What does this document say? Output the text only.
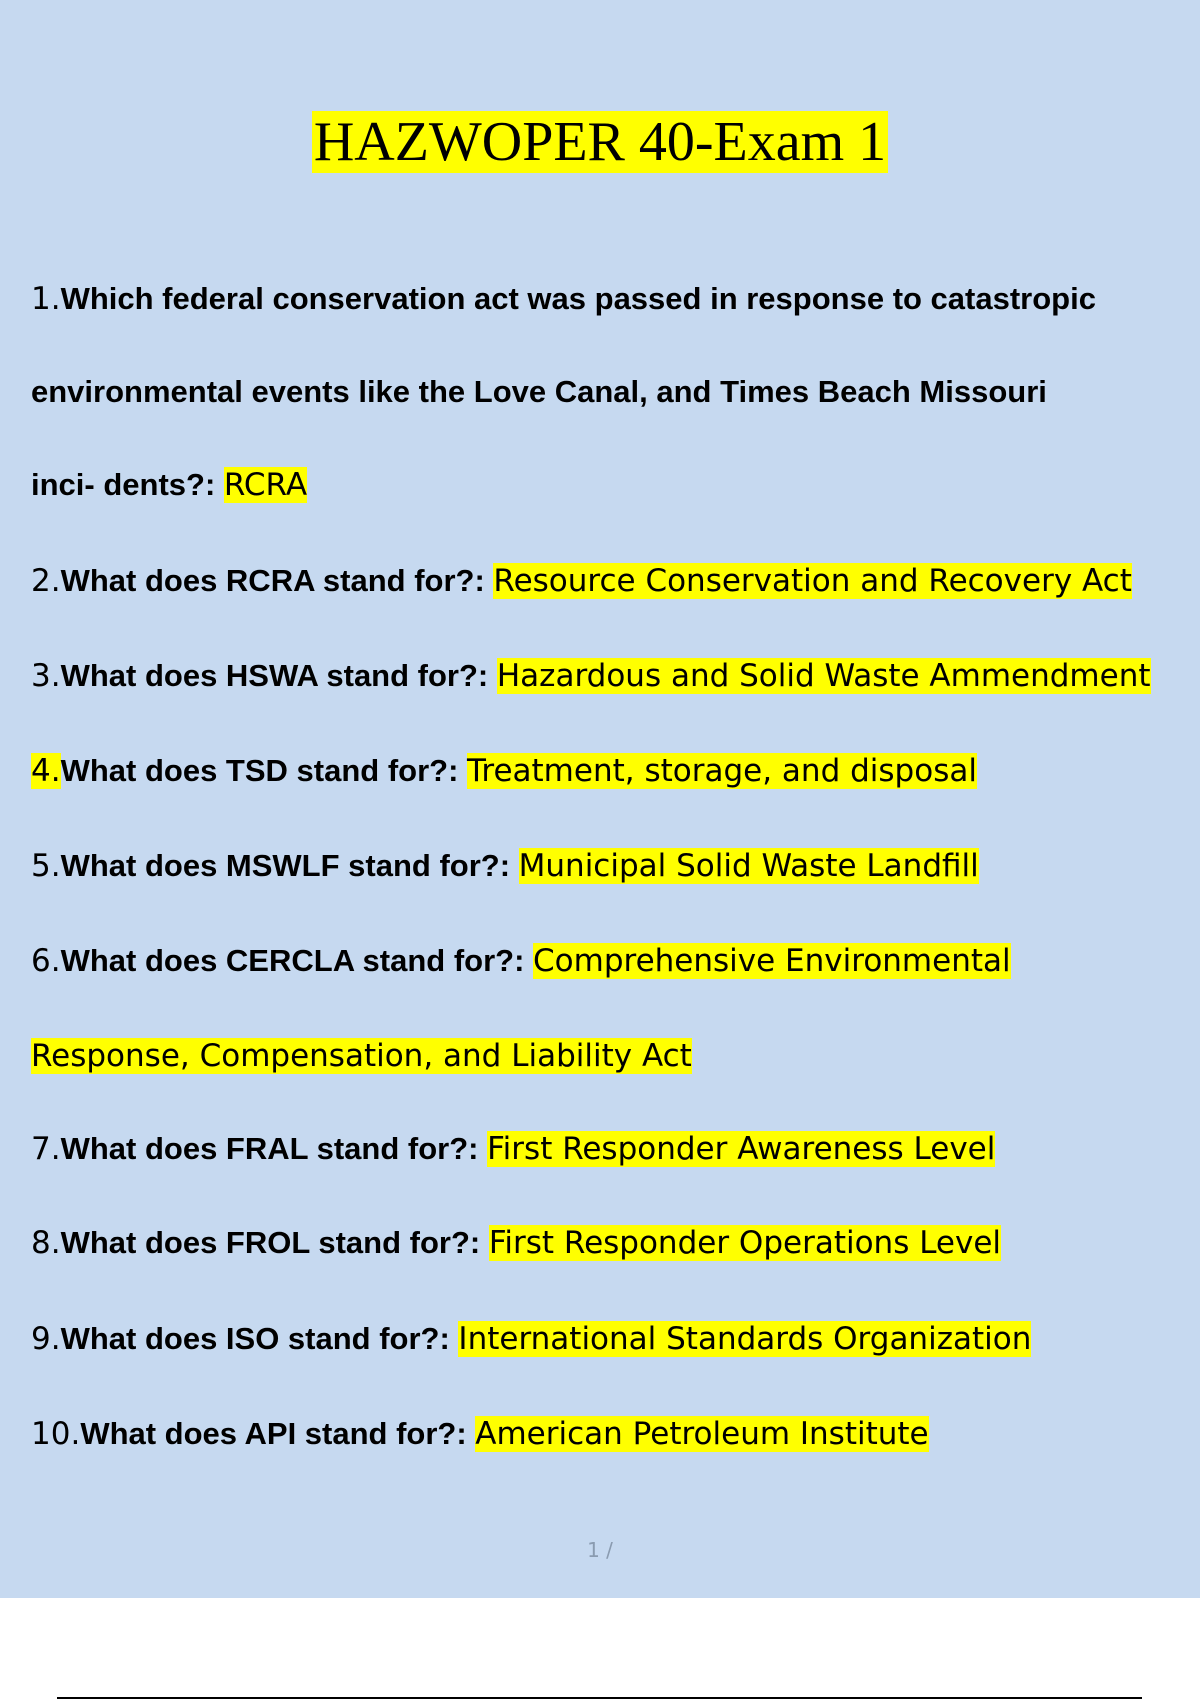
HAZWOPER 40-Exam 1
1.Which federal conservation act was passed in response to catastropic
environmental events like the Love Canal, and Times Beach Missouri
inci- dents?: RCRA
2.What does RCRA stand for?: Resource Conservation and Recovery Act
3.What does HSWA stand for?: Hazardous and Solid Waste Ammendment
4.What does TSD stand for?: Treatment, storage, and disposal
5.What does MSWLF stand for?: Municipal Solid Waste Landfill
6.What does CERCLA stand for?: Comprehensive Environmental
Response, Compensation, and Liability Act
7.What does FRAL stand for?: First Responder Awareness Level
8.What does FROL stand for?: First Responder Operations Level
9.What does ISO stand for?: International Standards Organization
10.What does API stand for?: American Petroleum Institute
1 /
